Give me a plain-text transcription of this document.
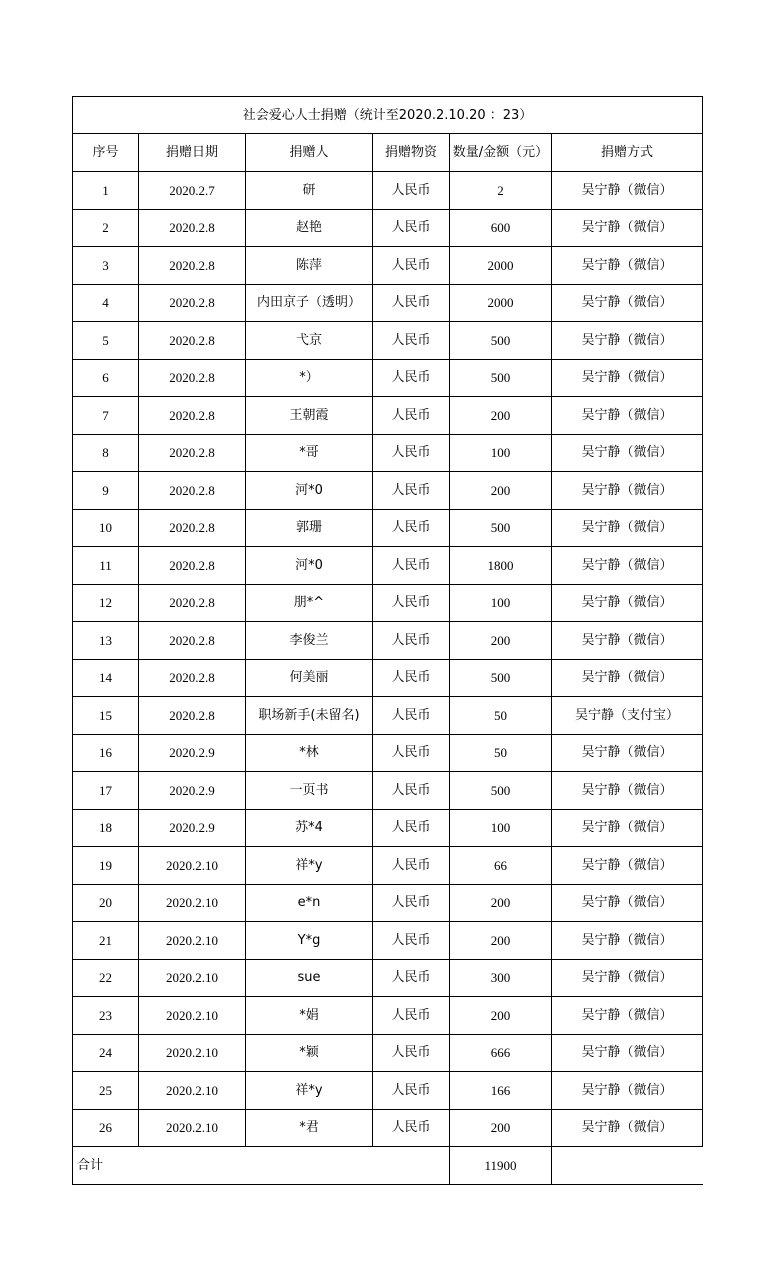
社会爱心人士捐赠（统计至2020.2.10.20 ：23）					
序号	捐赠日期	捐赠人	捐赠物资	数量/金额（元）	捐赠方式
1	2020.2.7	研	人民币	2	吴宁静（微信）
2	2020.2.8	赵艳	人民币	600	吴宁静（微信）
3	2020.2.8	陈萍	人民币	2000	吴宁静（微信）
4	2020.2.8	内田京子（透明）	人民币	2000	吴宁静（微信）
5	2020.2.8	弋京	人民币	500	吴宁静（微信）
6	2020.2.8	*）	人民币	500	吴宁静（微信）
7	2020.2.8	王朝霞	人民币	200	吴宁静（微信）
8	2020.2.8	*哥	人民币	100	吴宁静（微信）
9	2020.2.8	河*0	人民币	200	吴宁静（微信）
10	2020.2.8	郭珊	人民币	500	吴宁静（微信）
11	2020.2.8	河*0	人民币	1800	吴宁静（微信）
12	2020.2.8	朋*^	人民币	100	吴宁静（微信）
13	2020.2.8	李俊兰	人民币	200	吴宁静（微信）
14	2020.2.8	何美丽	人民币	500	吴宁静（微信）
15	2020.2.8	职场新手(未留名)	人民币	50	吴宁静（支付宝）
16	2020.2.9	*林	人民币	50	吴宁静（微信）
17	2020.2.9	一页书	人民币	500	吴宁静（微信）
18	2020.2.9	苏*4	人民币	100	吴宁静（微信）
19	2020.2.10	祥*y	人民币	66	吴宁静（微信）
20	2020.2.10	e*n	人民币	200	吴宁静（微信）
21	2020.2.10	Y*g	人民币	200	吴宁静（微信）
22	2020.2.10	sue	人民币	300	吴宁静（微信）
23	2020.2.10	*娟	人民币	200	吴宁静（微信）
24	2020.2.10	*颖	人民币	666	吴宁静（微信）
25	2020.2.10	祥*y	人民币	166	吴宁静（微信）
26	2020.2.10	*君	人民币	200	吴宁静（微信）
合计				11900	
